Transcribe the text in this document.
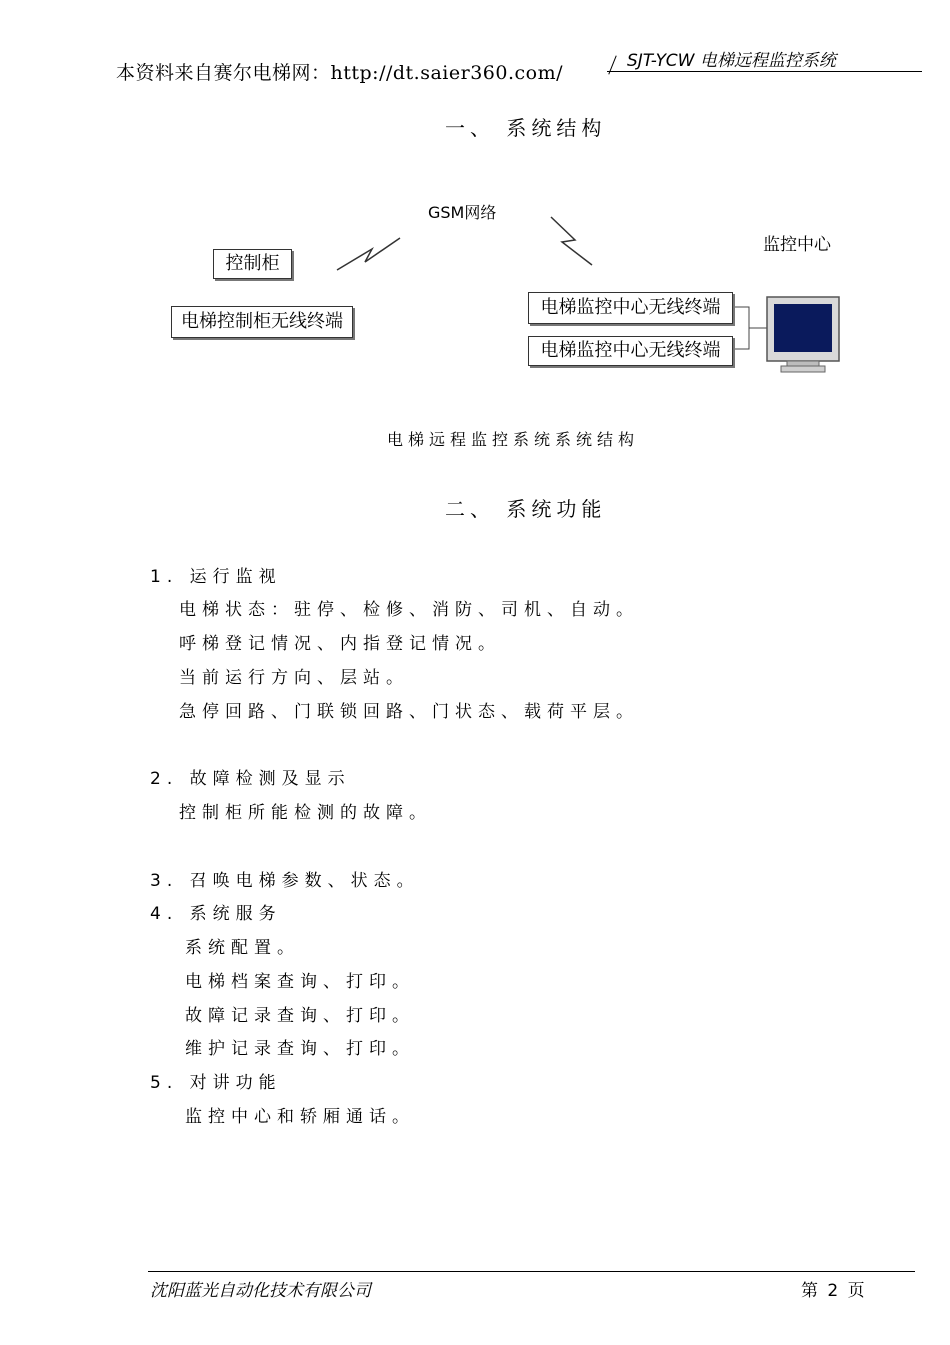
本资料来自赛尔电梯网：http://dt.saier360.com/
SJT-YCW 电梯远程监控系统
一、 系统结构
GSM网络
监控中心
控制柜
电梯控制柜无线终端
电梯监控中心无线终端
电梯监控中心无线终端
电梯远程监控系统系统结构
二、 系统功能
1. 运行监视
电梯状态：驻停、检修、消防、司机、自动。
呼梯登记情况、内指登记情况。
当前运行方向、层站。
急停回路、门联锁回路、门状态、载荷平层。
2. 故障检测及显示
控制柜所能检测的故障。
3. 召唤电梯参数、状态。
4. 系统服务
系统配置。
电梯档案查询、打印。
故障记录查询、打印。
维护记录查询、打印。
5. 对讲功能
监控中心和轿厢通话。
沈阳蓝光自动化技术有限公司	第 2 页
